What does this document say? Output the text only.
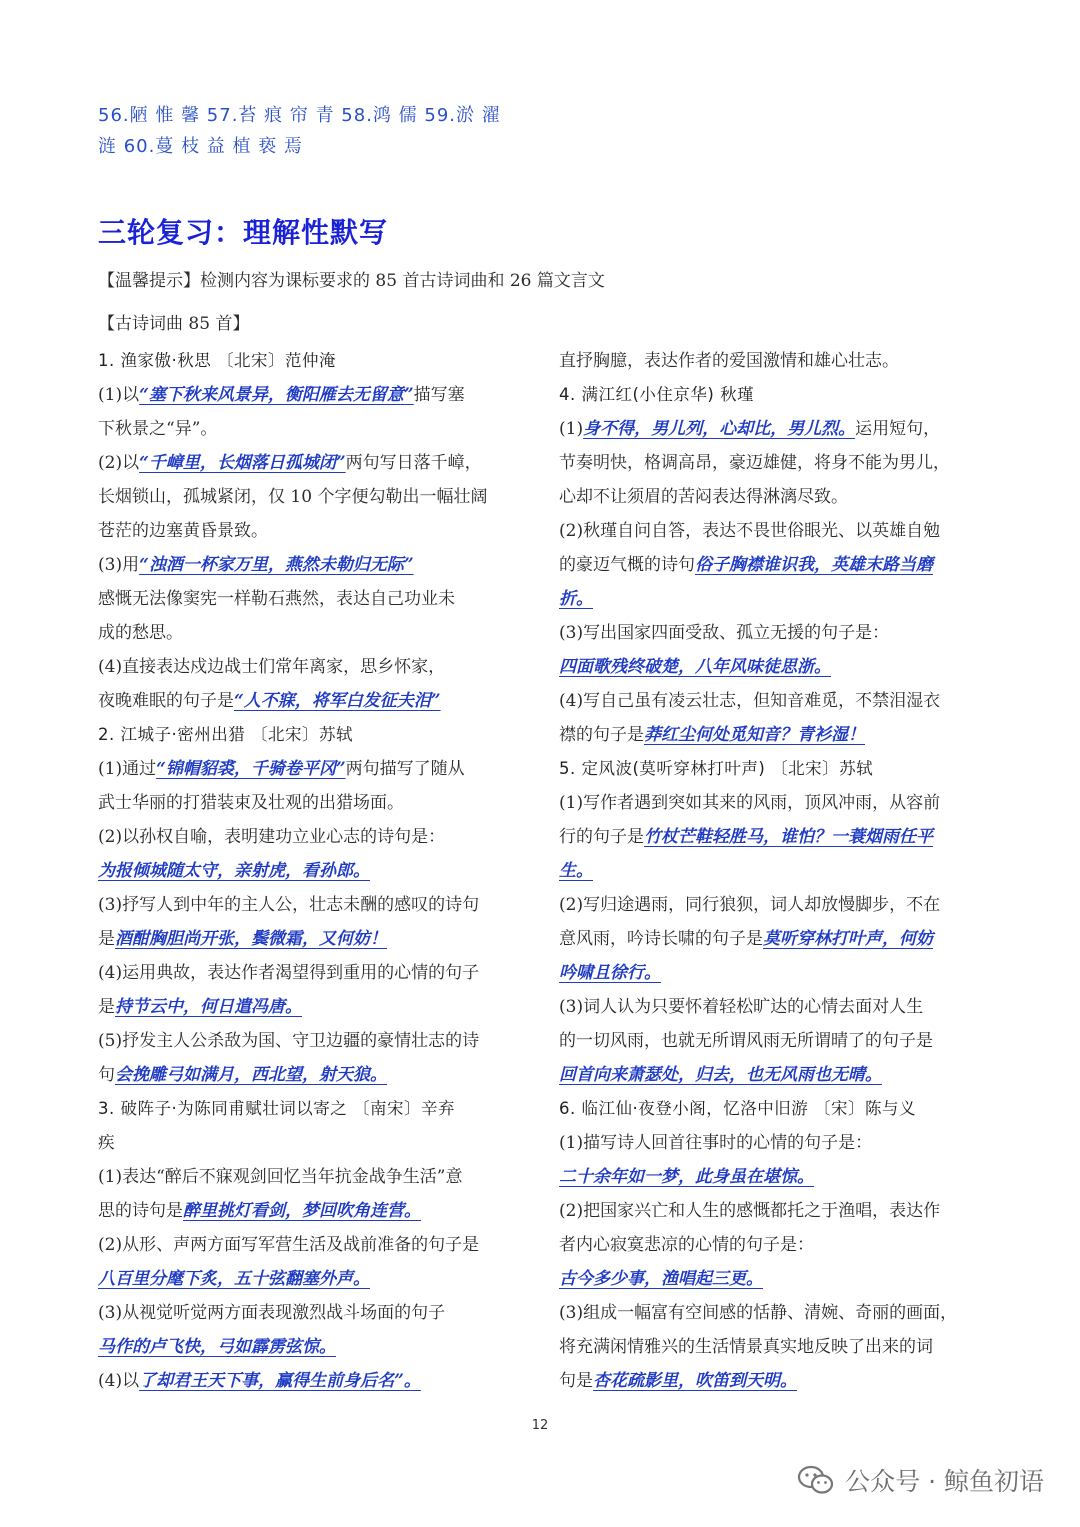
56.陋 惟 馨 57.苔 痕 帘 青 58.鸿 儒 59.淤 濯
涟 60.蔓 枝 益 植 亵 焉
三轮复习：理解性默写
【温馨提示】检测内容为课标要求的 85 首古诗词曲和 26 篇文言文
【古诗词曲 85 首】
1. 渔家傲·秋思 〔北宋〕范仲淹
(1)以“塞下秋来风景异，衡阳雁去无留意”描写塞
下秋景之“异”。
(2)以“千嶂里，长烟落日孤城闭”两句写日落千嶂，
长烟锁山，孤城紧闭，仅 10 个字便勾勒出一幅壮阔
苍茫的边塞黄昏景致。
(3)用“浊酒一杯家万里，燕然未勒归无际”
感慨无法像窦宪一样勒石燕然，表达自己功业未
成的愁思。
(4)直接表达戍边战士们常年离家，思乡怀家，
夜晚难眠的句子是“人不寐，将军白发征夫泪”
2. 江城子·密州出猎 〔北宋〕苏轼
(1)通过“锦帽貂裘，千骑卷平冈”两句描写了随从
武士华丽的打猎装束及壮观的出猎场面。
(2)以孙权自喻，表明建功立业心志的诗句是：
为报倾城随太守，亲射虎，看孙郎。
(3)抒写人到中年的主人公，壮志未酬的感叹的诗句
是酒酣胸胆尚开张，鬓微霜，又何妨！
(4)运用典故，表达作者渴望得到重用的心情的句子
是持节云中，何日遣冯唐。
(5)抒发主人公杀敌为国、守卫边疆的豪情壮志的诗
句会挽雕弓如满月，西北望，射天狼。
3. 破阵子·为陈同甫赋壮词以寄之 〔南宋〕辛弃
疾
(1)表达“醉后不寐观剑回忆当年抗金战争生活”意
思的诗句是醉里挑灯看剑，梦回吹角连营。
(2)从形、声两方面写军营生活及战前准备的句子是
八百里分麾下炙，五十弦翻塞外声。
(3)从视觉听觉两方面表现激烈战斗场面的句子
马作的卢飞快，弓如霹雳弦惊。
(4)以了却君王天下事，赢得生前身后名”。
直抒胸臆，表达作者的爱国激情和雄心壮志。
4. 满江红(小住京华) 秋瑾
(1)身不得，男儿列，心却比，男儿烈。运用短句，
节奏明快，格调高昂，豪迈雄健，将身不能为男儿，
心却不让须眉的苦闷表达得淋漓尽致。
(2)秋瑾自问自答，表达不畏世俗眼光、以英雄自勉
的豪迈气概的诗句俗子胸襟谁识我，英雄末路当磨
折。
(3)写出国家四面受敌、孤立无援的句子是：
四面歌残终破楚，八年风味徒思浙。
(4)写自己虽有凌云壮志，但知音难觅，不禁泪湿衣
襟的句子是莽红尘何处觅知音？青衫湿！
5. 定风波(莫听穿林打叶声) 〔北宋〕苏轼
(1)写作者遇到突如其来的风雨，顶风冲雨，从容前
行的句子是竹杖芒鞋轻胜马，谁怕？一蓑烟雨任平
生。
(2)写归途遇雨，同行狼狈，词人却放慢脚步，不在
意风雨，吟诗长啸的句子是莫听穿林打叶声，何妨
吟啸且徐行。
(3)词人认为只要怀着轻松旷达的心情去面对人生
的一切风雨，也就无所谓风雨无所谓晴了的句子是
回首向来萧瑟处，归去，也无风雨也无晴。
6. 临江仙·夜登小阁，忆洛中旧游 〔宋〕陈与义
(1)描写诗人回首往事时的心情的句子是：
二十余年如一梦，此身虽在堪惊。
(2)把国家兴亡和人生的感慨都托之于渔唱，表达作
者内心寂寞悲凉的心情的句子是：
古今多少事，渔唱起三更。
(3)组成一幅富有空间感的恬静、清婉、奇丽的画面，
将充满闲情雅兴的生活情景真实地反映了出来的词
句是杏花疏影里，吹笛到天明。
12
公众号 · 鲸鱼初语
